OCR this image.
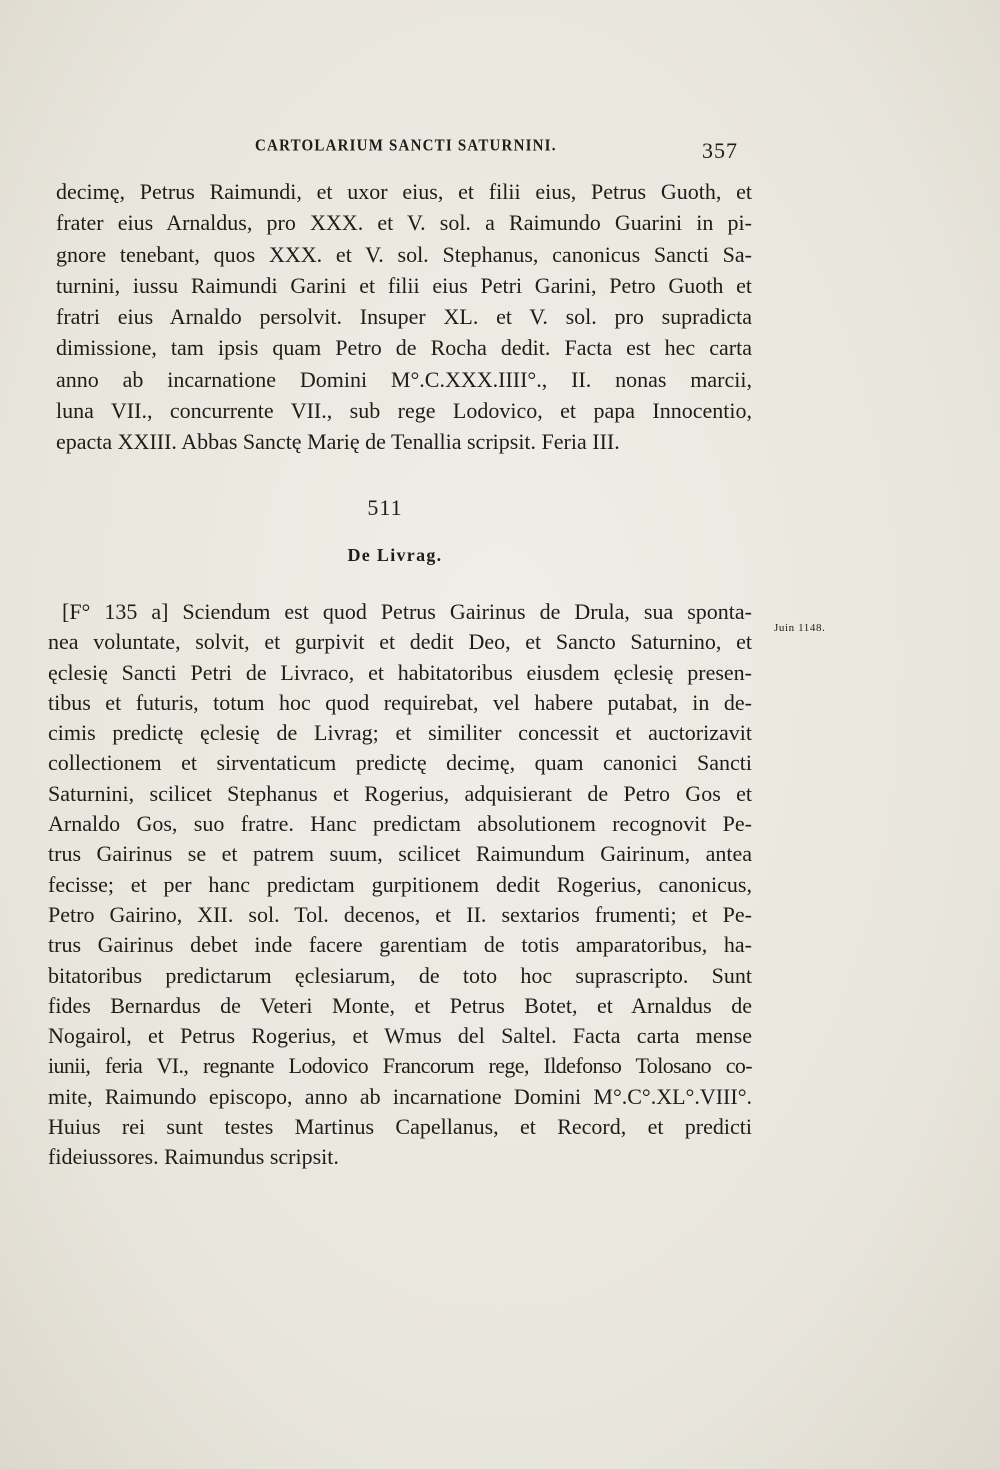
CARTOLARIUM SANCTI SATURNINI.	357
decimę, Petrus Raimundi, et uxor eius, et filii eius, Petrus Guoth, et
frater eius Arnaldus, pro XXX. et V. sol. a Raimundo Guarini in pi-
gnore tenebant, quos XXX. et V. sol. Stephanus, canonicus Sancti Sa-
turnini, iussu Raimundi Garini et filii eius Petri Garini, Petro Guoth et
fratri eius Arnaldo persolvit. Insuper XL. et V. sol. pro supradicta
dimissione, tam ipsis quam Petro de Rocha dedit. Facta est hec carta
anno ab incarnatione Domini M°.C.XXX.IIII°., II. nonas marcii,
luna VII., concurrente VII., sub rege Lodovico, et papa Innocentio,
epacta XXIII. Abbas Sanctę Marię de Tenallia scripsit. Feria III.
511
De Livrag.
Juin 1148.
[F° 135 a] Sciendum est quod Petrus Gairinus de Drula, sua sponta-
nea voluntate, solvit, et gurpivit et dedit Deo, et Sancto Saturnino, et
ęclesię Sancti Petri de Livraco, et habitatoribus eiusdem ęclesię presen-
tibus et futuris, totum hoc quod requirebat, vel habere putabat, in de-
cimis predictę ęclesię de Livrag; et similiter concessit et auctorizavit
collectionem et sirventaticum predictę decimę, quam canonici Sancti
Saturnini, scilicet Stephanus et Rogerius, adquisierant de Petro Gos et
Arnaldo Gos, suo fratre. Hanc predictam absolutionem recognovit Pe-
trus Gairinus se et patrem suum, scilicet Raimundum Gairinum, antea
fecisse; et per hanc predictam gurpitionem dedit Rogerius, canonicus,
Petro Gairino, XII. sol. Tol. decenos, et II. sextarios frumenti; et Pe-
trus Gairinus debet inde facere garentiam de totis amparatoribus, ha-
bitatoribus predictarum ęclesiarum, de toto hoc suprascripto. Sunt
fides Bernardus de Veteri Monte, et Petrus Botet, et Arnaldus de
Nogairol, et Petrus Rogerius, et Wmus del Saltel. Facta carta mense
iunii, feria VI., regnante Lodovico Francorum rege, Ildefonso Tolosano co-
mite, Raimundo episcopo, anno ab incarnatione Domini M°.C°.XL°.VIII°.
Huius rei sunt testes Martinus Capellanus, et Record, et predicti
fideiussores. Raimundus scripsit.
